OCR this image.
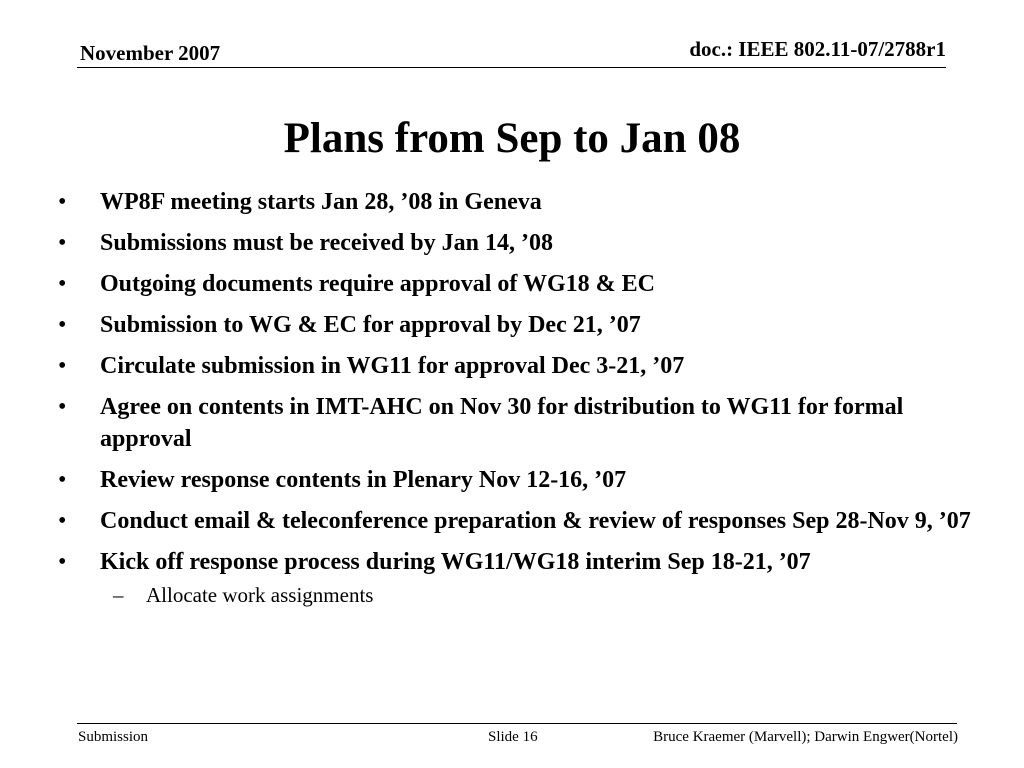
November 2007	doc.: IEEE 802.11-07/2788r1
Plans from Sep to Jan 08
•	WP8F meeting starts Jan 28, ’08 in Geneva
•	Submissions must be received by Jan 14, ’08
•	Outgoing documents require approval of WG18 & EC
•	Submission to WG & EC for approval by Dec 21, ’07
•	Circulate submission in WG11 for approval Dec 3-21, ’07
•	Agree on contents in IMT-AHC on Nov 30 for distribution to WG11 for formal approval
•	Review response contents in Plenary Nov 12-16, ’07
•	Conduct email & teleconference preparation & review of responses Sep 28-Nov 9, ’07
•	Kick off response process during WG11/WG18 interim Sep 18-21, ’07
– Allocate work assignments
Submission	Slide 16	Bruce Kraemer (Marvell); Darwin Engwer(Nortel)
